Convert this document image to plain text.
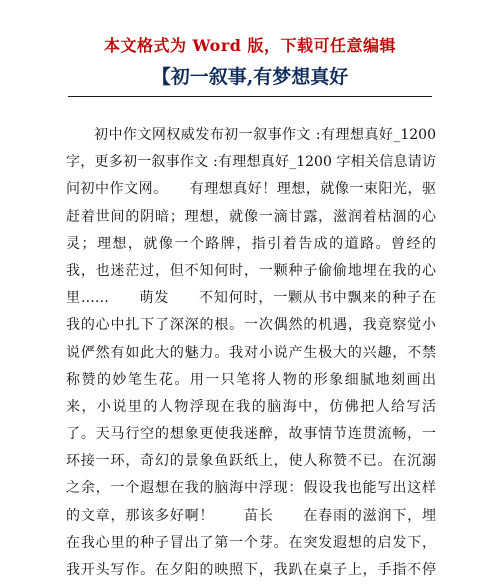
本文格式为 Word 版，下载可任意编辑
【初一叙事,有梦想真好
初中作文网权威发布初一叙事作文 :有理想真好_1200
字，更多初一叙事作文 :有理想真好_1200 字相关信息请访
问初中作文网。　　有理想真好！理想，就像一束阳光，驱
赶着世间的阴暗；理想，就像一滴甘露，滋润着枯涸的心
灵；理想，就像一个路牌，指引着告成的道路。曾经的
我，也迷茫过，但不知何时，一颗种子偷偷地埋在我的心
里……　　萌发　　不知何时，一颗从书中飘来的种子在
我的心中扎下了深深的根。一次偶然的机遇，我竟察觉小
说俨然有如此大的魅力。我对小说产生极大的兴趣，不禁
称赞的妙笔生花。用一只笔将人物的形象细腻地刻画出
来，小说里的人物浮现在我的脑海中，仿佛把人给写活
了。天马行空的想象更使我迷醉，故事情节连贯流畅，一
环接一环，奇幻的景象鱼跃纸上，使人称赞不已。在沉溺
之余，一个遐想在我的脑海中浮现：假设我也能写出这样
的文章，那该多好啊！　　苗长　　在春雨的滋润下，埋
在我心里的种子冒出了第一个芽。在突发遐想的启发下，
我开头写作。在夕阳的映照下，我趴在桌子上，手指不停
